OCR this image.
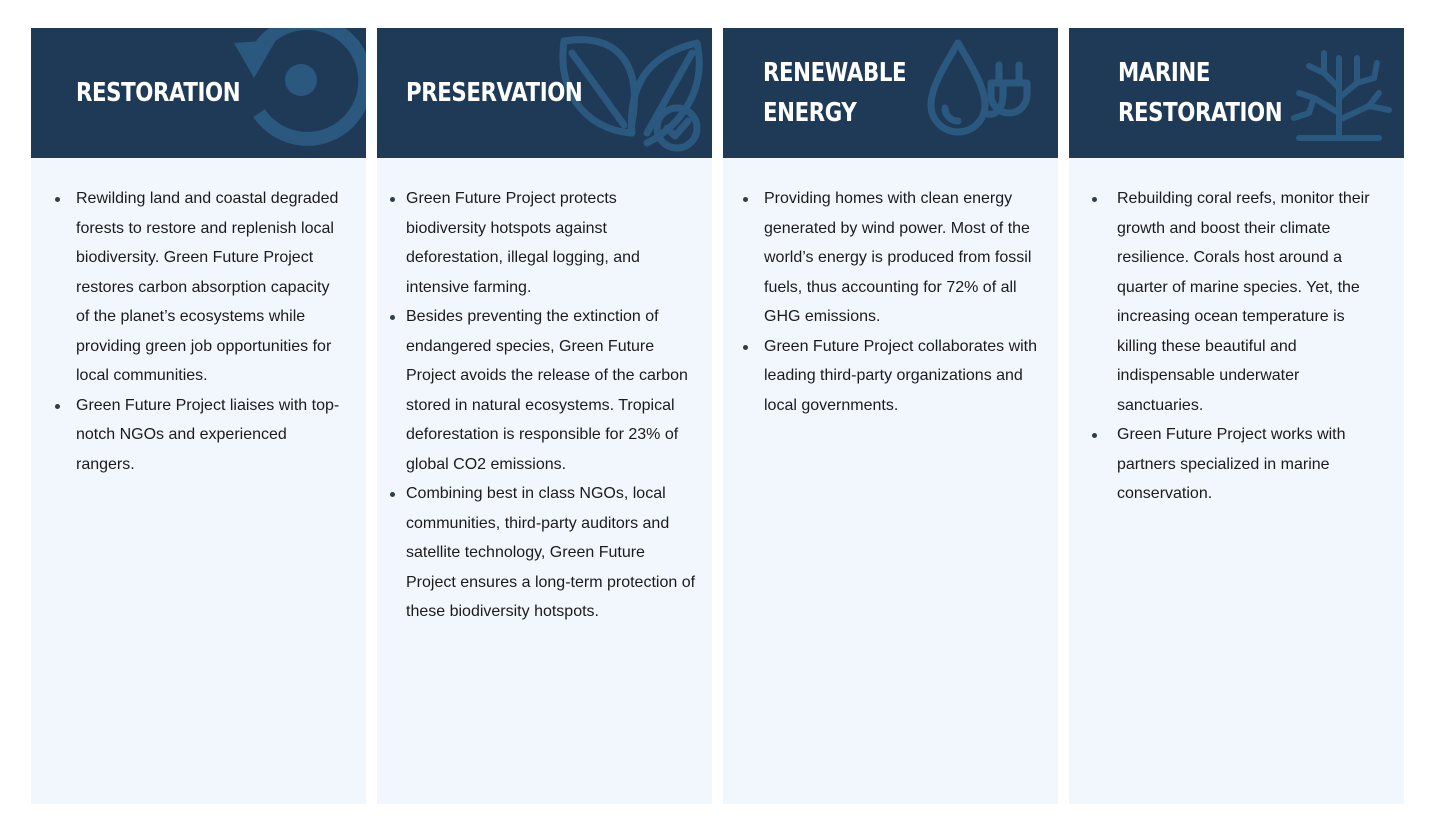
RESTORATION
Rewilding land and coastal degraded forests to restore and replenish local biodiversity. Green Future Project restores carbon absorption capacity of the planet’s ecosystems while providing green job opportunities for local communities.
Green Future Project liaises with top-notch NGOs and experienced rangers.
PRESERVATION
Green Future Project protects biodiversity hotspots against deforestation, illegal logging, and intensive farming.
Besides preventing the extinction of endangered species, Green Future Project avoids the release of the carbon stored in natural ecosystems. Tropical deforestation is responsible for 23% of global CO2 emissions.
Combining best in class NGOs, local communities, third-party auditors and satellite technology, Green Future Project ensures a long-term protection of these biodiversity hotspots.
RENEWABLE
ENERGY
Providing homes with clean energy generated by wind power. Most of the world’s energy is produced from fossil fuels, thus accounting for 72% of all GHG emissions.
Green Future Project collaborates with leading third-party organizations and local governments.
MARINE
RESTORATION
Rebuilding coral reefs, monitor their growth and boost their climate resilience. Corals host around a quarter of marine species. Yet, the increasing ocean temperature is killing these beautiful and indispensable underwater sanctuaries.
Green Future Project works with partners specialized in marine conservation.
